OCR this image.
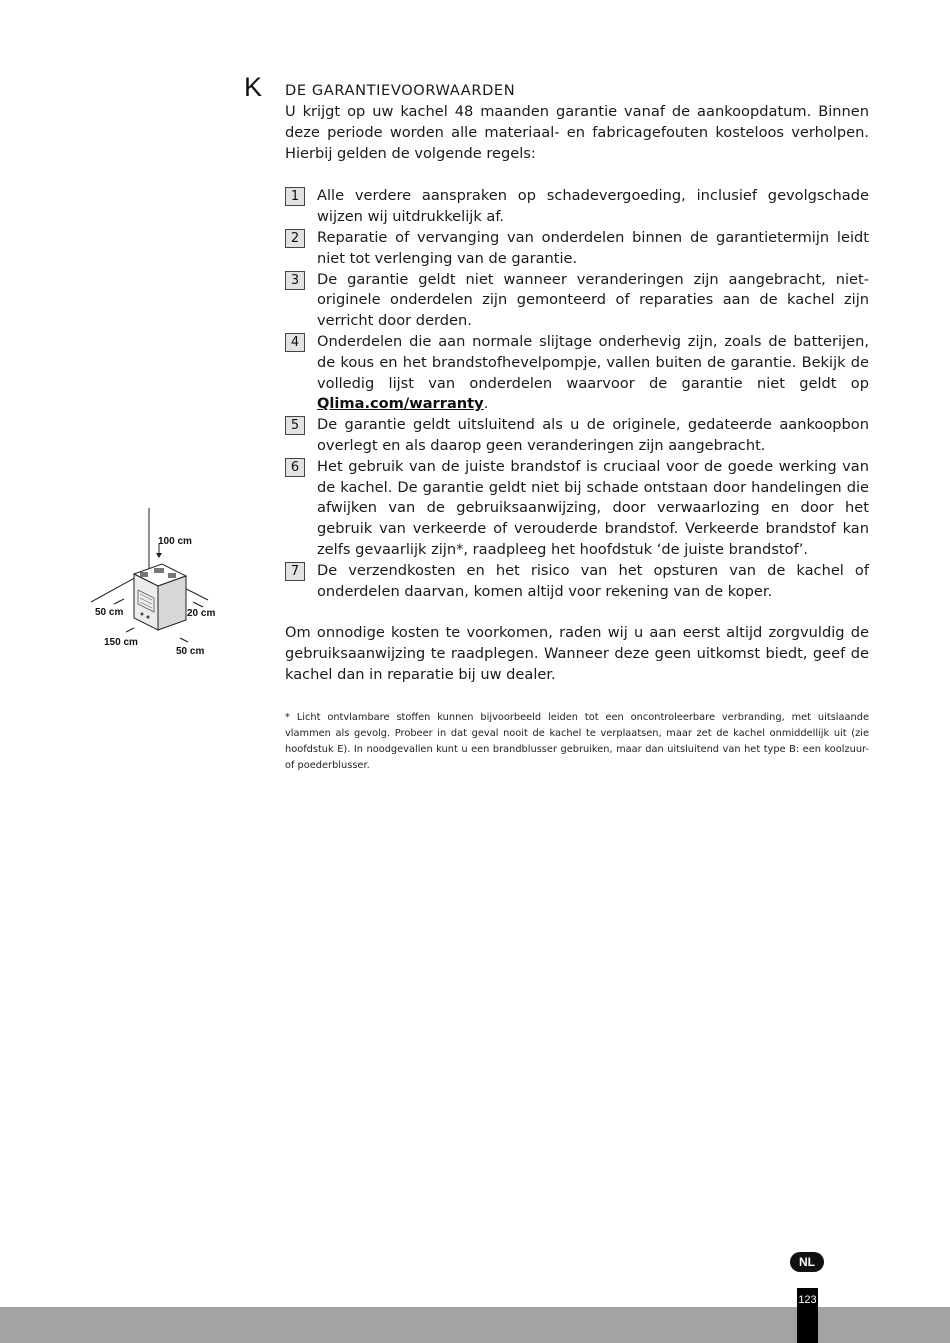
K DE GARANTIEVOORWAARDEN

U krijgt op uw kachel 48 maanden garantie vanaf de aankoopdatum. Binnen deze periode worden alle materiaal- en fabricagefouten kosteloos verholpen. Hierbij gelden de volgende regels:

1	Alle verdere aanspraken op schadevergoeding, inclusief gevolgschade wijzen wij uitdrukkelijk af.
2	Reparatie of vervanging van onderdelen binnen de garantietermijn leidt niet tot verlenging van de garantie.
3	De garantie geldt niet wanneer veranderingen zijn aangebracht, niet-originele onderdelen zijn gemonteerd of reparaties aan de kachel zijn verricht door derden.
4	Onderdelen die aan normale slijtage onderhevig zijn, zoals de batterijen, de kous en het brandstofhevelpompje, vallen buiten de garantie. Bekijk de volledig lijst van onderdelen waarvoor de garantie niet geldt op Qlima.com/warranty.
5	De garantie geldt uitsluitend als u de originele, gedateerde aankoopbon overlegt en als daarop geen veranderingen zijn aangebracht.
6	Het gebruik van de juiste brandstof is cruciaal voor de goede werking van de kachel. De garantie geldt niet bij schade ontstaan door handelingen die afwijken van de gebruiksaanwijzing, door verwaarlozing en door het gebruik van verkeerde of verouderde brandstof. Verkeerde brandstof kan zelfs gevaarlijk zijn*, raadpleeg het hoofdstuk ‘de juiste brandstof’.
7	De verzendkosten en het risico van het opsturen van de kachel of onderdelen daarvan, komen altijd voor rekening van de koper.

Om onnodige kosten te voorkomen, raden wij u aan eerst altijd zorgvuldig de gebruiksaanwijzing te raadplegen. Wanneer deze geen uitkomst biedt, geef de kachel dan in reparatie bij uw dealer.

* Licht ontvlambare stoffen kunnen bijvoorbeeld leiden tot een oncontroleerbare verbranding, met uitslaande vlammen als gevolg. Probeer in dat geval nooit de kachel te verplaatsen, maar zet de kachel onmiddellijk uit (zie hoofdstuk E). In noodgevallen kunt u een brandblusser gebruiken, maar dan uitsluitend van het type B: een koolzuur- of poederblusser.

100 cm
50 cm	20 cm
150 cm
50 cm
NL
123
